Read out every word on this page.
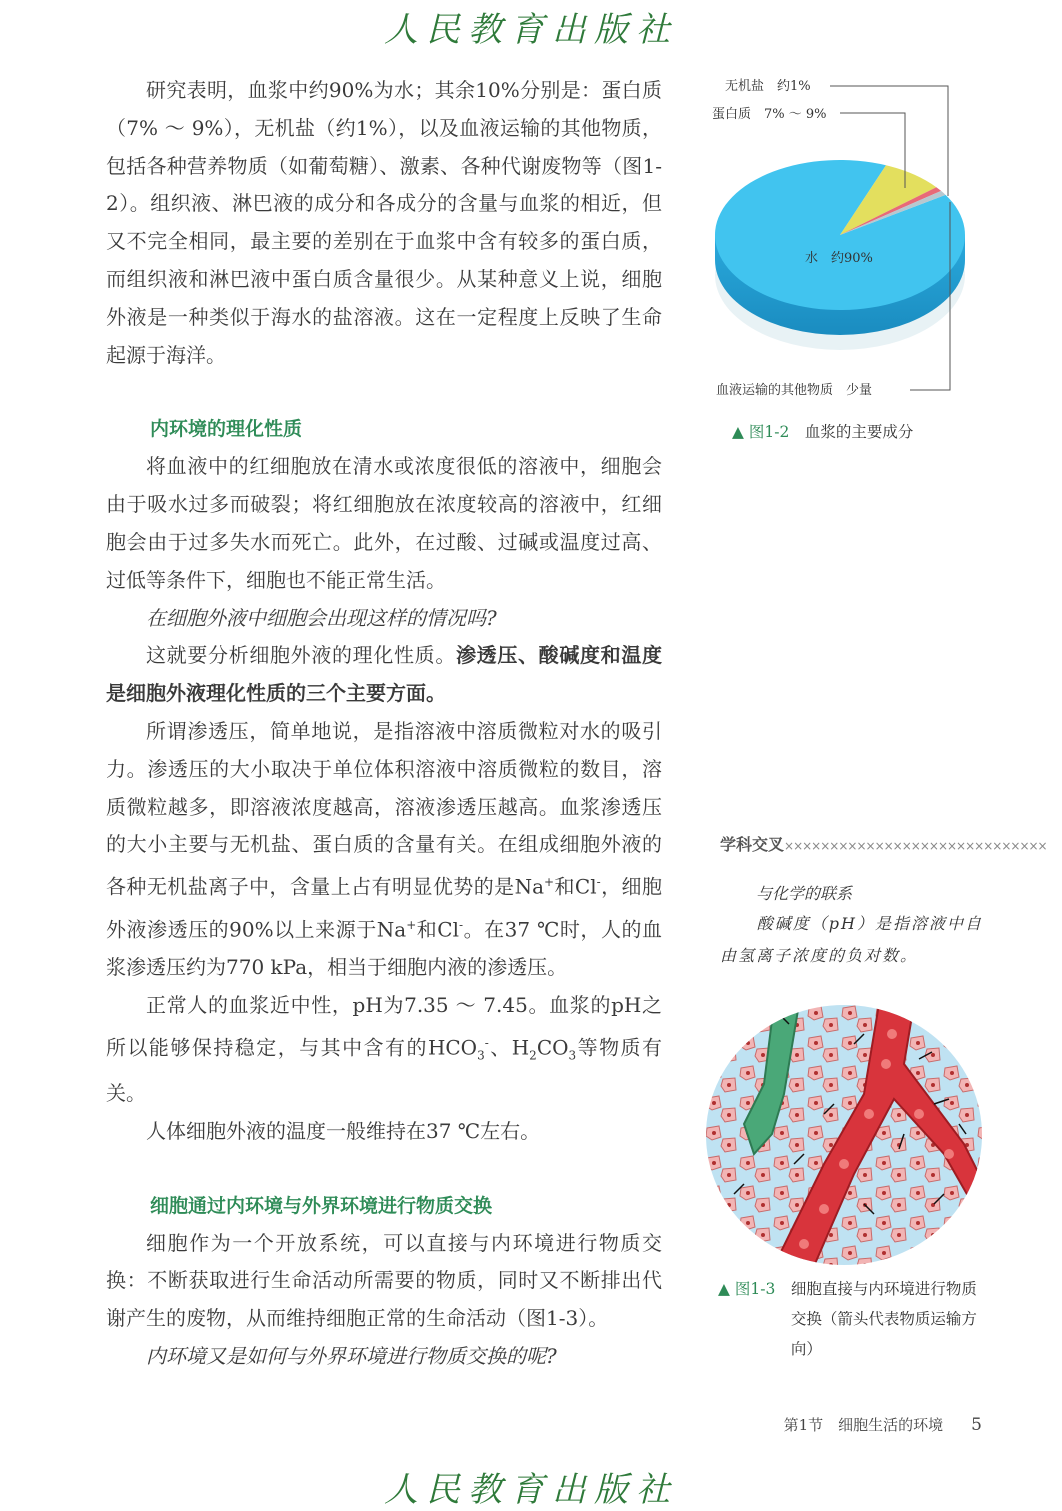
人民教育出版社

研究表明，血浆中约90%为水；其余10%分别是：蛋白质（7% ～ 9%），无机盐（约1%），以及血液运输的其他物质，包括各种营养物质（如葡萄糖）、激素、各种代谢废物等（图1-2）。组织液、淋巴液的成分和各成分的含量与血浆的相近，但又不完全相同，最主要的差别在于血浆中含有较多的蛋白质，而组织液和淋巴液中蛋白质含量很少。从某种意义上说，细胞外液是一种类似于海水的盐溶液。这在一定程度上反映了生命起源于海洋。

内环境的理化性质

将血液中的红细胞放在清水或浓度很低的溶液中，细胞会由于吸水过多而破裂；将红细胞放在浓度较高的溶液中，红细胞会由于过多失水而死亡。此外，在过酸、过碱或温度过高、过低等条件下，细胞也不能正常生活。

在细胞外液中细胞会出现这样的情况吗?

这就要分析细胞外液的理化性质。渗透压、酸碱度和温度是细胞外液理化性质的三个主要方面。

所谓渗透压，简单地说，是指溶液中溶质微粒对水的吸引力。渗透压的大小取决于单位体积溶液中溶质微粒的数目，溶质微粒越多，即溶液浓度越高，溶液渗透压越高。血浆渗透压的大小主要与无机盐、蛋白质的含量有关。在组成细胞外液的各种无机盐离子中，含量上占有明显优势的是Na+和Cl-，细胞外液渗透压的90%以上来源于Na+和Cl-。在37 ℃时，人的血浆渗透压约为770 kPa，相当于细胞内液的渗透压。

正常人的血浆近中性，pH为7.35 ～ 7.45。血浆的pH之所以能够保持稳定，与其中含有的$HCO_3^-$、$H_2CO_3$等物质有关。

人体细胞外液的温度一般维持在37 ℃左右。

细胞通过内环境与外界环境进行物质交换

细胞作为一个开放系统，可以直接与内环境进行物质交换：不断获取进行生命活动所需要的物质，同时又不断排出代谢产生的废物，从而维持细胞正常的生命活动（图1-3）。

内环境又是如何与外界环境进行物质交换的呢?

无机盐　约1%
蛋白质　7% ～ 9%
水　约90%
血液运输的其他物质　少量
▲ 图1-2　 血浆的主要成分
学科交叉×××××××××××××××××××××××××××××
与化学的联系
酸碱度（pH）是指溶液中自由氢离子浓度的负对数。
▲ 图1-3　	细胞直接与内环境进行物质交换（箭头代表物质运输方向）
第1节　细胞生活的环境 5
人民教育出版社
